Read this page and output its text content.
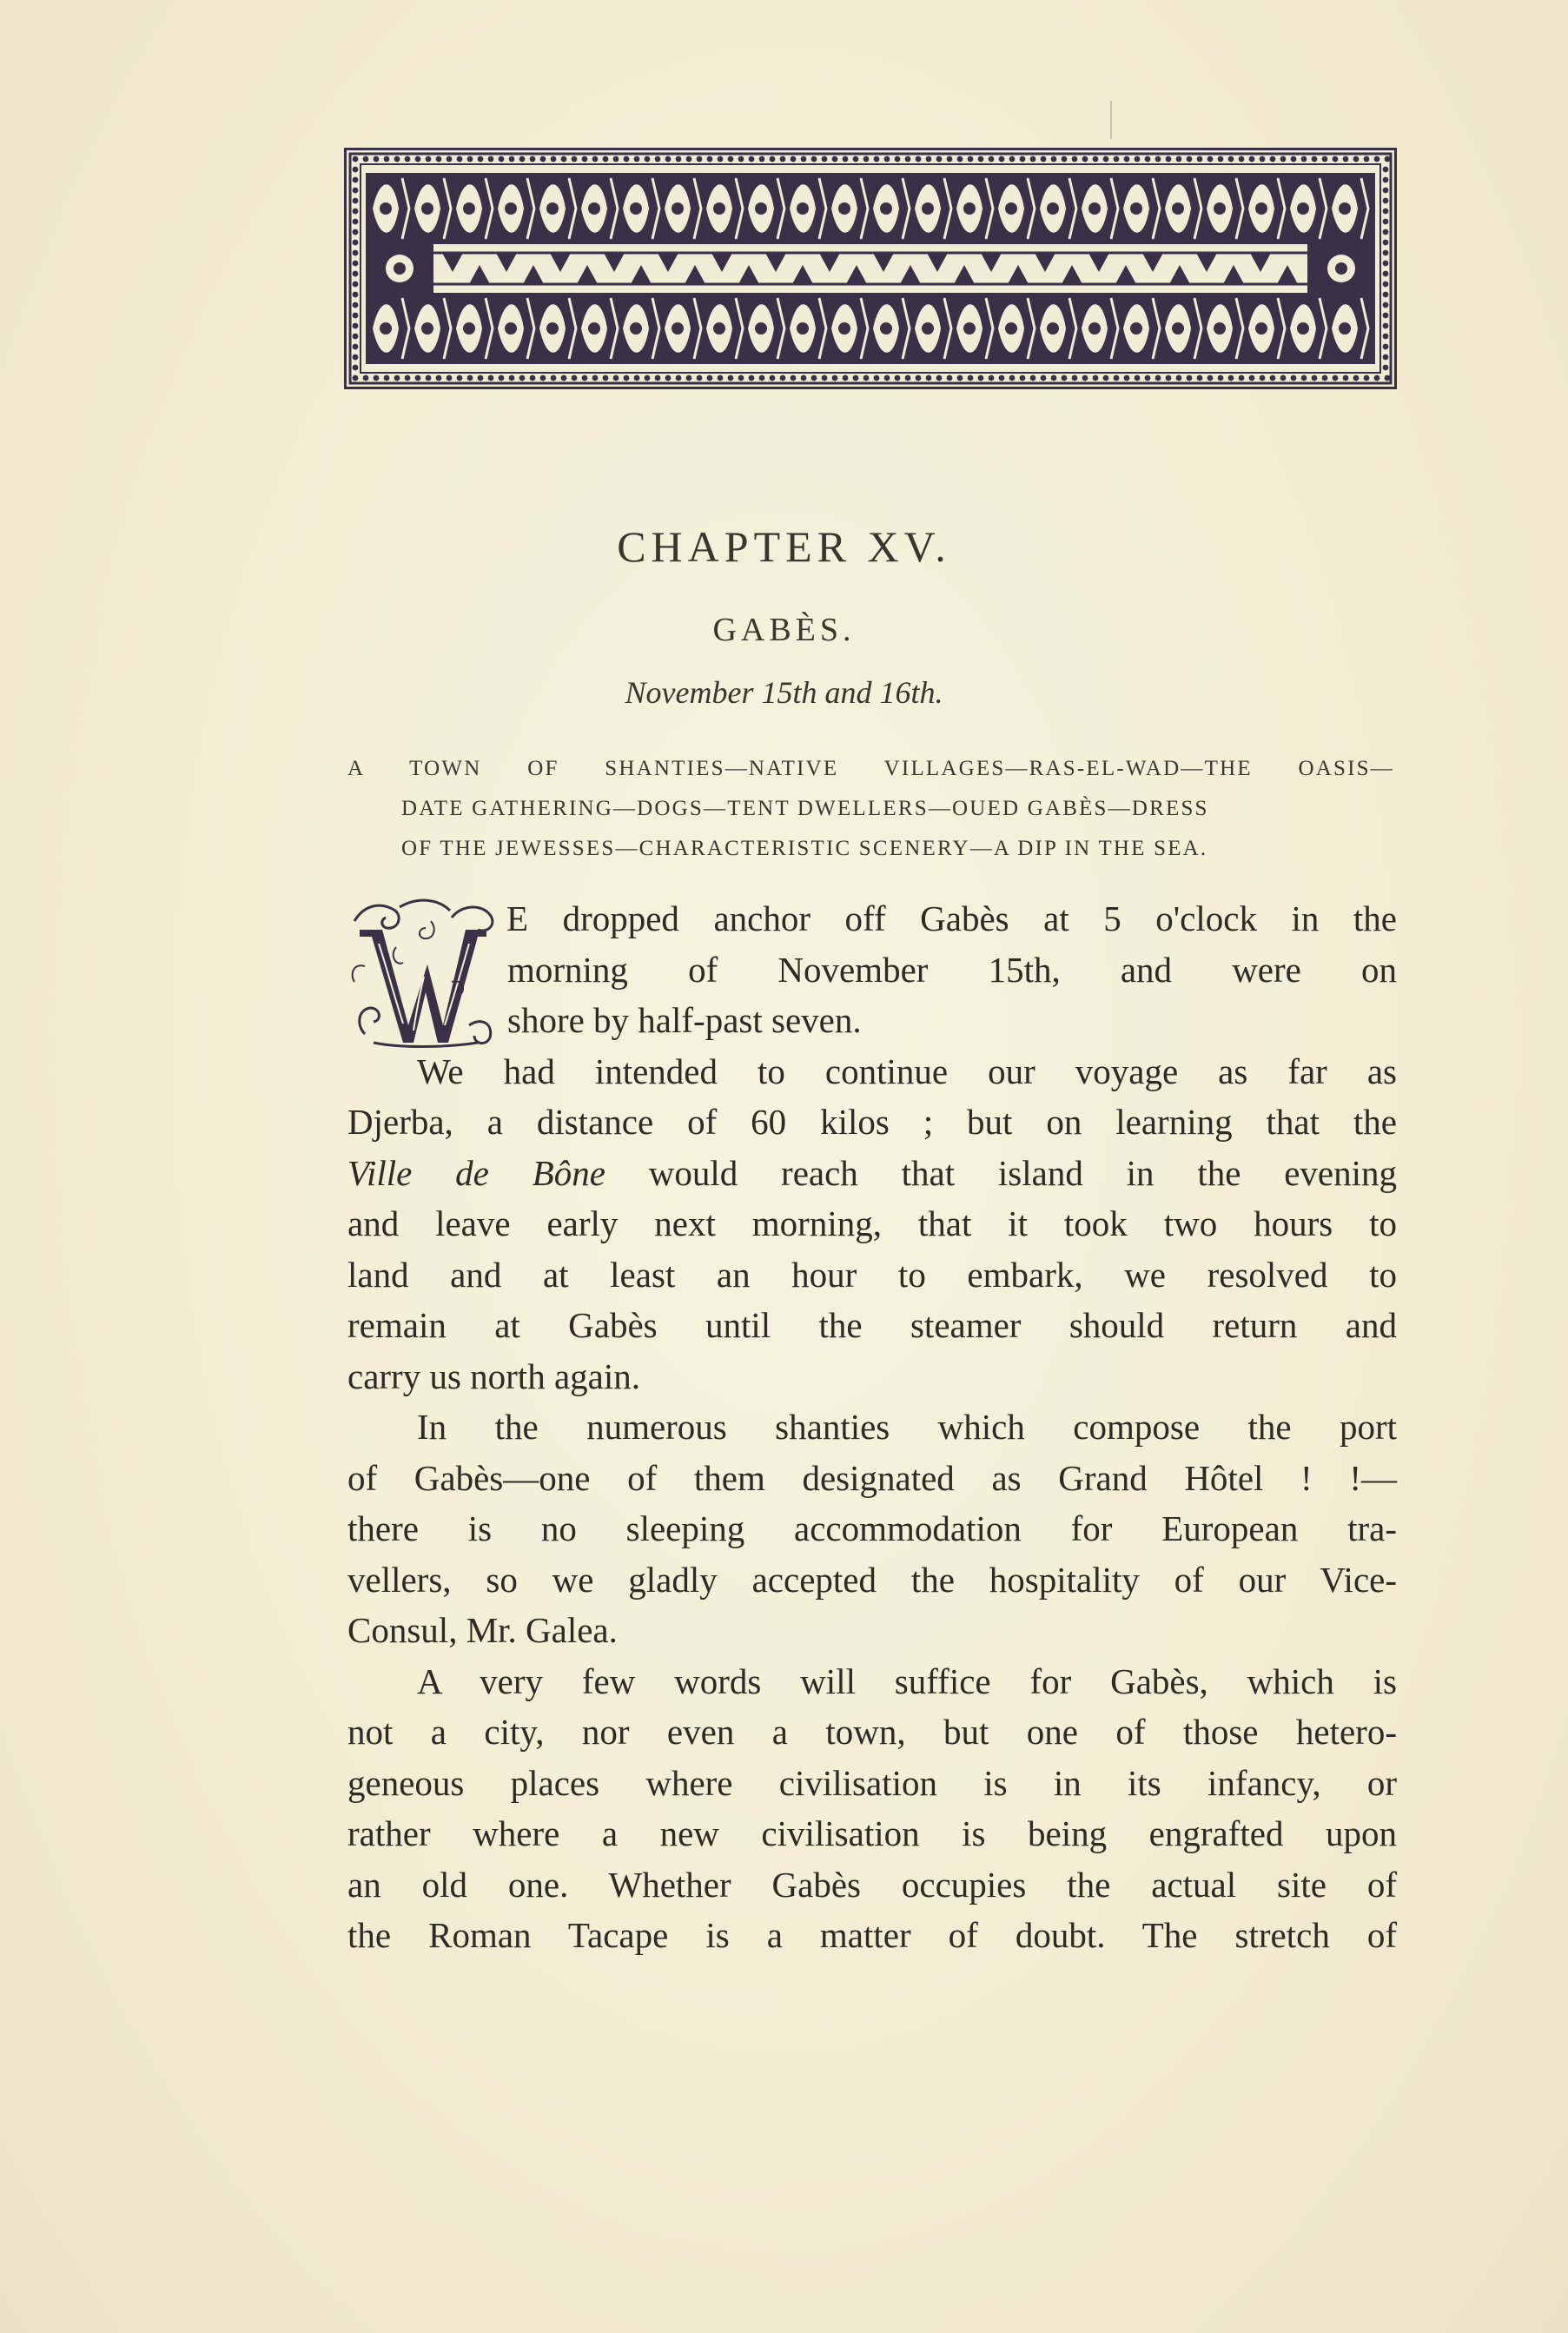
CHAPTER XV.
GABÈS.
November 15th and 16th.
A TOWN OF SHANTIES—NATIVE VILLAGES—RAS-EL-WAD—THE OASIS—
DATE GATHERING—DOGS—TENT DWELLERS—OUED GABÈS—DRESS
OF THE JEWESSES—CHARACTERISTIC SCENERY—A DIP IN THE SEA.
E dropped anchor off Gabès at 5 o'clock in the
morning of November 15th, and were on
shore by half-past seven.
We had intended to continue our voyage as far as
Djerba, a distance of 60 kilos ; but on learning that the
Ville de Bône would reach that island in the evening
and leave early next morning, that it took two hours to
land and at least an hour to embark, we resolved to
remain at Gabès until the steamer should return and
carry us north again.
In the numerous shanties which compose the port
of Gabès—one of them designated as Grand Hôtel ! !—
there is no sleeping accommodation for European tra-
vellers, so we gladly accepted the hospitality of our Vice-
Consul, Mr. Galea.
A very few words will suffice for Gabès, which is
not a city, nor even a town, but one of those hetero-
geneous places where civilisation is in its infancy, or
rather where a new civilisation is being engrafted upon
an old one. Whether Gabès occupies the actual site of
the Roman Tacape is a matter of doubt. The stretch of
